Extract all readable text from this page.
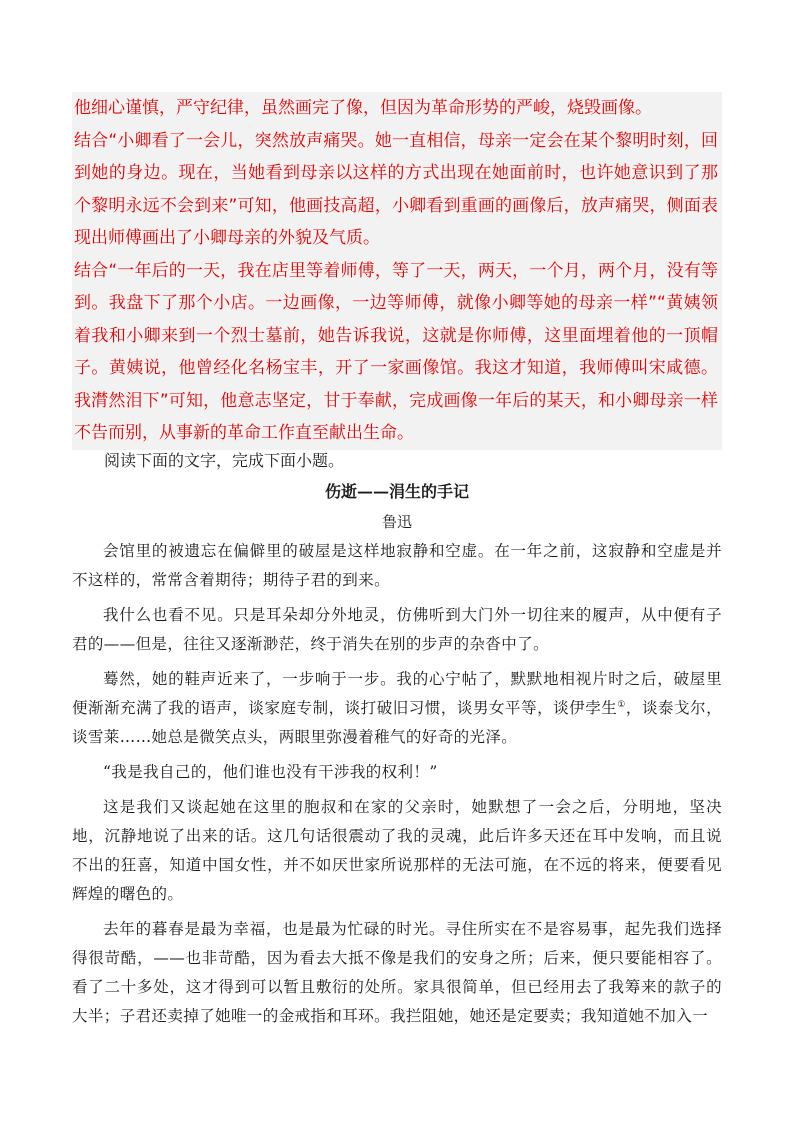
他细心谨慎，严守纪律，虽然画完了像，但因为革命形势的严峻，烧毁画像。

结合“小卿看了一会儿，突然放声痛哭。她一直相信，母亲一定会在某个黎明时刻，回到她的身边。现在，当她看到母亲以这样的方式出现在她面前时，也许她意识到了那个黎明永远不会到来”可知，他画技高超，小卿看到重画的画像后，放声痛哭，侧面表现出师傅画出了小卿母亲的外貌及气质。

结合“一年后的一天，我在店里等着师傅，等了一天，两天，一个月，两个月，没有等到。我盘下了那个小店。一边画像，一边等师傅，就像小卿等她的母亲一样”“黄姨领着我和小卿来到一个烈士墓前，她告诉我说，这就是你师傅，这里面埋着他的一顶帽子。黄姨说，他曾经化名杨宝丰，开了一家画像馆。我这才知道，我师傅叫宋咸德。我潸然泪下”可知，他意志坚定，甘于奉献，完成画像一年后的某天，和小卿母亲一样不告而别，从事新的革命工作直至献出生命。

阅读下面的文字，完成下面小题。

伤逝——涓生的手记

鲁迅

会馆里的被遗忘在偏僻里的破屋是这样地寂静和空虚。在一年之前，这寂静和空虚是并不这样的，常常含着期待；期待子君的到来。

我什么也看不见。只是耳朵却分外地灵，仿佛听到大门外一切往来的履声，从中便有子君的——但是，往往又逐渐渺茫，终于消失在别的步声的杂沓中了。

蓦然，她的鞋声近来了，一步响于一步。我的心宁帖了，默默地相视片时之后，破屋里便渐渐充满了我的语声，谈家庭专制，谈打破旧习惯，谈男女平等，谈伊孛生①，谈泰戈尔，谈雪莱……她总是微笑点头，两眼里弥漫着稚气的好奇的光泽。

“我是我自己的，他们谁也没有干涉我的权利！”

这是我们又谈起她在这里的胞叔和在家的父亲时，她默想了一会之后，分明地，坚决地，沉静地说了出来的话。这几句话很震动了我的灵魂，此后许多天还在耳中发响，而且说不出的狂喜，知道中国女性，并不如厌世家所说那样的无法可施，在不远的将来，便要看见辉煌的曙色的。

去年的暮春是最为幸福，也是最为忙碌的时光。寻住所实在不是容易事，起先我们选择得很苛酷，——也非苛酷，因为看去大抵不像是我们的安身之所；后来，便只要能相容了。看了二十多处，这才得到可以暂且敷衍的处所。家具很简单，但已经用去了我筹来的款子的大半；子君还卖掉了她唯一的金戒指和耳环。我拦阻她，她还是定要卖；我知道她不加入一
